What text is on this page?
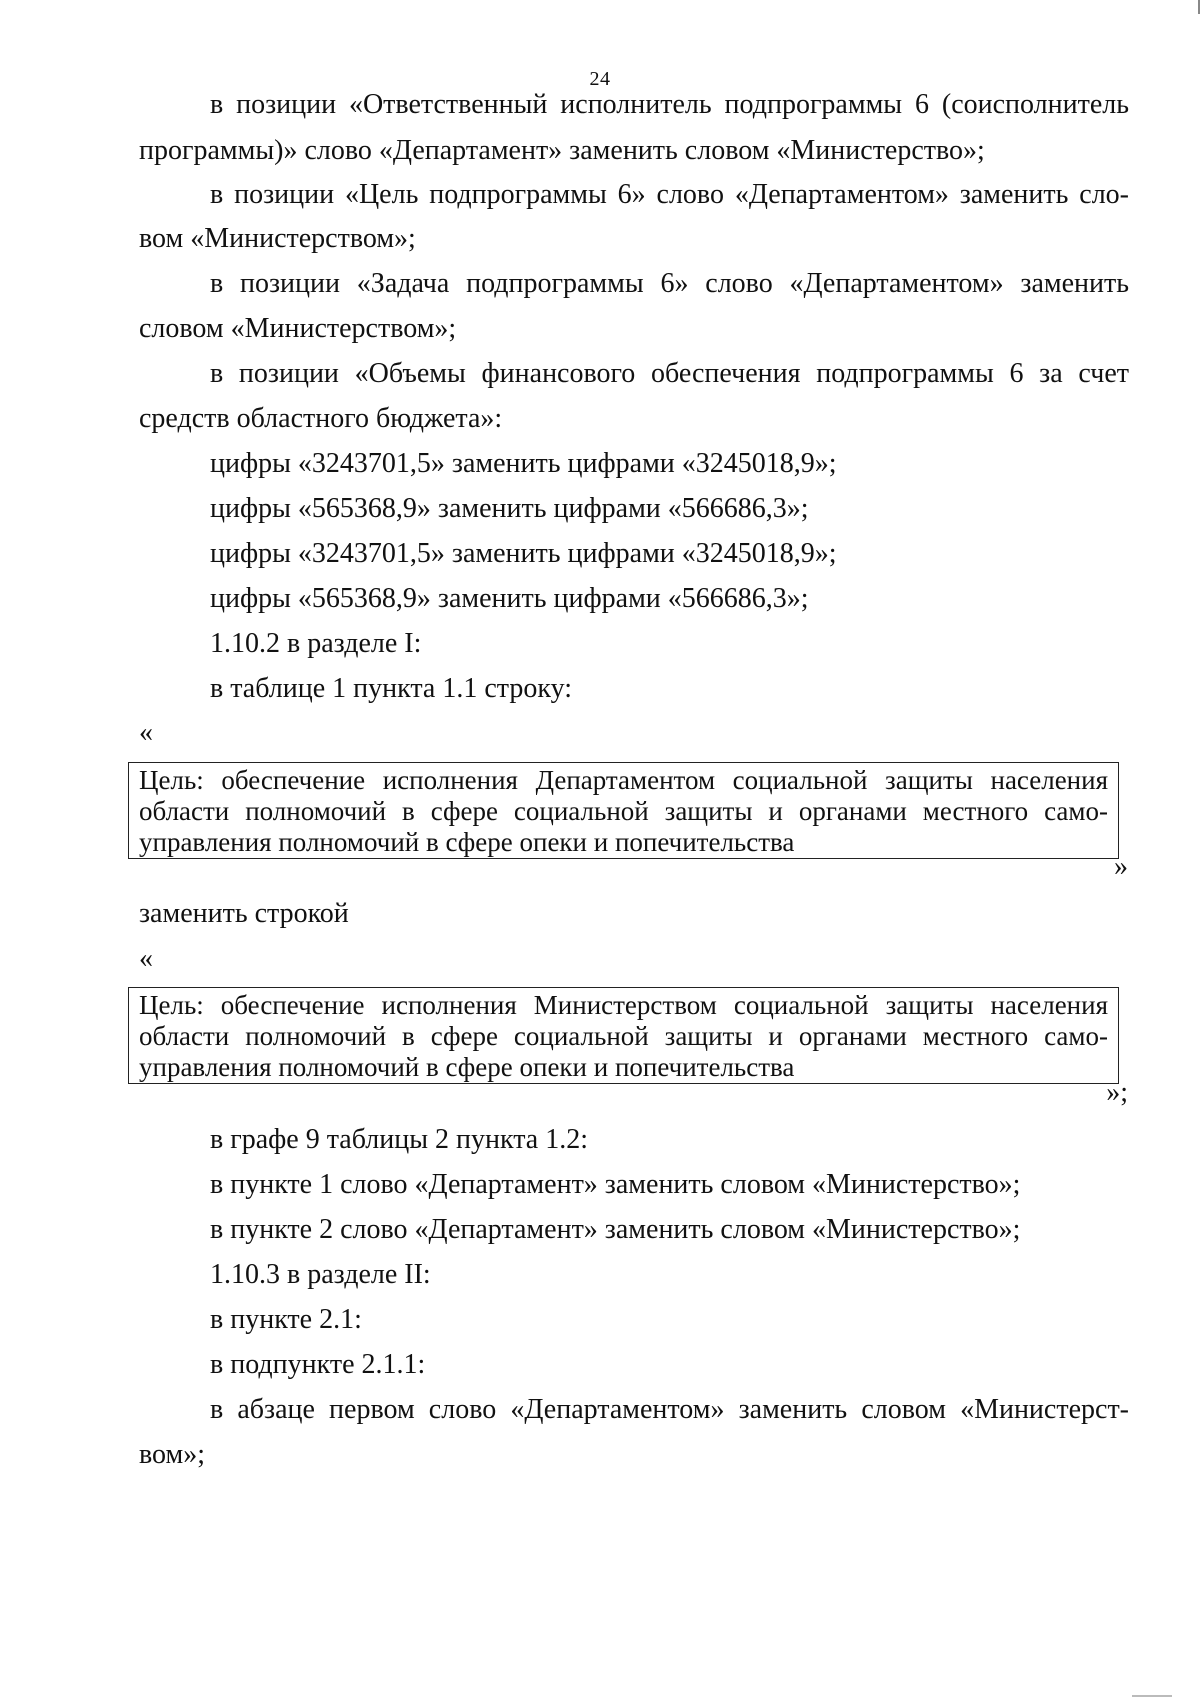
24
в позиции «Ответственный исполнитель подпрограммы 6 (соисполнитель
программы)» слово «Департамент» заменить словом «Министерство»;
в позиции «Цель подпрограммы 6» слово «Департаментом» заменить сло-
вом «Министерством»;
в позиции «Задача подпрограммы 6» слово «Департаментом» заменить
словом «Министерством»;
в позиции «Объемы финансового обеспечения подпрограммы 6 за счет
средств областного бюджета»:
цифры «3243701,5» заменить цифрами «3245018,9»;
цифры «565368,9» заменить цифрами «566686,3»;
цифры «3243701,5» заменить цифрами «3245018,9»;
цифры «565368,9» заменить цифрами «566686,3»;
1.10.2 в разделе I:
в таблице 1 пункта 1.1 строку:
«
Цель: обеспечение исполнения Департаментом социальной защиты населения
области полномочий в сфере социальной защиты и органами местного само-
управления полномочий в сфере опеки и попечительства
»
заменить строкой
«
Цель: обеспечение исполнения Министерством социальной защиты населения
области полномочий в сфере социальной защиты и органами местного само-
управления полномочий в сфере опеки и попечительства
»;
в графе 9 таблицы 2 пункта 1.2:
в пункте 1 слово «Департамент» заменить словом «Министерство»;
в пункте 2 слово «Департамент» заменить словом «Министерство»;
1.10.3 в разделе II:
в пункте 2.1:
в подпункте 2.1.1:
в абзаце первом слово «Департаментом» заменить словом «Министерст-
вом»;
